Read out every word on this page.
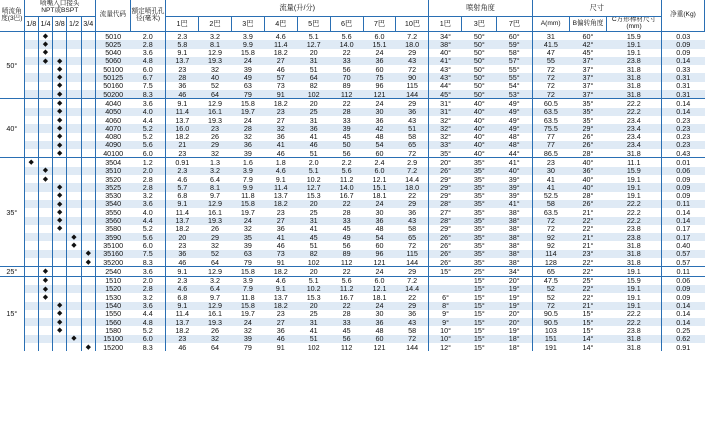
喷流角度(3巴)	喷嘴入口接头
NPT或BSPT					流量代码	额定喷孔孔径(毫米)	流量(升/分)								喷射角度			尺寸			净重(Kg)
																			A(mm)	B偏转角度	C方形棒材尺寸(mm)	
								1巴	2巴	3巴	4巴	5巴	6巴	7巴	10巴	1巴	3巴	7巴				
	1/8	1/4	3/8	1/2	3/4																	
50°		◆				5010	2.0	2.3	3.2	3.9	4.6	5.1	5.6	6.0	7.2	34°	50°	60°	31	60°	15.9	0.03
		◆				5025	2.8	5.8	8.1	9.9	11.4	12.7	14.0	15.1	18.0	38°	50°	59°	41.5	42°	19.1	0.09
		◆				5040	3.6	9.1	12.9	15.8	18.2	20	22	24	29	40°	50°	58°	47	45°	19.1	0.09
		◆	◆			5060	4.8	13.7	19.3	24	27	31	33	36	43	41°	50°	57°	55	37°	23.8	0.14
			◆			50100	6.0	23	32	39	46	51	56	60	72	43°	50°	55°	72	37°	31.8	0.33
			◆			50125	6.7	28	40	49	57	64	70	75	90	43°	50°	55°	72	37°	31.8	0.31
			◆			50160	7.5	36	52	63	73	82	89	96	115	44°	50°	54°	72	37°	31.8	0.31
			◆			50200	8.3	46	64	79	91	102	112	121	144	45°	50°	53°	72	37°	31.8	0.31
40°			◆			4040	3.6	9.1	12.9	15.8	18.2	20	22	24	29	31°	40°	49°	60.5	35°	22.2	0.14
			◆			4050	4.0	11.4	16.1	19.7	23	25	28	30	36	31°	40°	49°	63.5	35°	22.2	0.14
			◆			4060	4.4	13.7	19.3	24	27	31	33	36	43	32°	40°	49°	63.5	35°	23.4	0.23
			◆			4070	5.2	16.0	23	28	32	36	39	42	51	32°	40°	49°	75.5	29°	23.4	0.23
			◆			4080	5.2	18.2	26	32	36	41	45	48	58	32°	40°	48°	77	26°	23.4	0.23
			◆			4090	5.6	21	29	36	41	46	50	54	65	33°	40°	48°	77	26°	23.4	0.23
			◆			40100	6.0	23	32	39	46	51	56	60	72	35°	40°	44°	86.5	28°	31.8	0.43
35°	◆					3504	1.2	0.91	1.3	1.6	1.8	2.0	2.2	2.4	2.9	20°	35°	41°	23	40°	11.1	0.01
		◆				3510	2.0	2.3	3.2	3.9	4.6	5.1	5.6	6.0	7.2	26°	35°	40°	30	36°	15.9	0.06
		◆				3520	2.8	4.6	6.4	7.9	9.1	10.2	11.2	12.1	14.4	29°	35°	39°	41	40°	19.1	0.09
			◆			3525	2.8	5.7	8.1	9.9	11.4	12.7	14.0	15.1	18.0	29°	35°	39°	41	40°	19.1	0.09
			◆			3530	3.2	6.8	9.7	11.8	13.7	15.3	16.7	18.1	22	29°	35°	39°	52.5	28°	19.1	0.09
			◆			3540	3.6	9.1	12.9	15.8	18.2	20	22	24	29	28°	35°	41°	58	26°	22.2	0.11
			◆			3550	4.0	11.4	16.1	19.7	23	25	28	30	36	27°	35°	38°	63.5	21°	22.2	0.14
			◆			3560	4.4	13.7	19.3	24	27	31	33	36	43	28°	35°	38°	72	22°	22.2	0.14
			◆			3580	5.2	18.2	26	32	36	41	45	48	58	29°	35°	38°	72	22°	23.8	0.17
				◆		3590	5.6	20	29	35	41	45	49	54	65	26°	35°	38°	92	21°	23.8	0.17
				◆		35100	6.0	23	32	39	46	51	56	60	72	26°	35°	38°	92	21°	31.8	0.40
					◆	35160	7.5	36	52	63	73	82	89	96	115	26°	35°	38°	114	23°	31.8	0.57
					◆	35200	8.3	46	64	79	91	102	112	121	144	26°	35°	38°	128	22°	31.8	0.57
25°		◆				2540	3.6	9.1	12.9	15.8	18.2	20	22	24	29	15°	25°	34°	65	22°	19.1	0.11
15°		◆				1510	2.0	2.3	3.2	3.9	4.6	5.1	5.6	6.0	7.2		15°	20°	47.5	25°	15.9	0.06
		◆				1520	2.8	4.6	6.4	7.9	9.1	10.2	11.2	12.1	14.4		15°	19°	52	22°	19.1	0.09
		◆				1530	3.2	6.8	9.7	11.8	13.7	15.3	16.7	18.1	22	6°	15°	19°	52	22°	19.1	0.09
			◆			1540	3.6	9.1	12.9	15.8	18.2	20	22	24	29	8°	15°	19°	72	21°	19.1	0.14
			◆			1550	4.4	11.4	16.1	19.7	23	25	28	30	36	9°	15°	20°	90.5	15°	22.2	0.14
			◆			1560	4.8	13.7	19.3	24	27	31	33	36	43	9°	15°	20°	90.5	15°	22.2	0.14
			◆			1580	5.2	18.2	26	32	36	41	45	48	58	10°	15°	19°	103	15°	23.8	0.25
				◆		15100	6.0	23	32	39	46	51	56	60	72	10°	15°	18°	151	14°	31.8	0.62
					◆	15200	8.3	46	64	79	91	102	112	121	144	12°	15°	18°	191	14°	31.8	0.91
